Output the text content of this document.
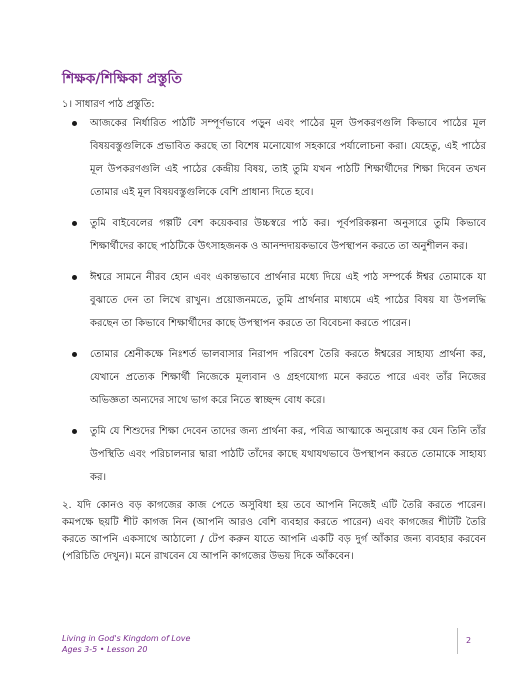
শিক্ষক/শিক্ষিকা প্রস্তুতি
১। সাধারণ পাঠ প্রস্তুতি:
আজকের নির্ধারিত পাঠটি সম্পূর্ণভাবে পড়ুন এবং পাঠের মূল উপকরণগুলি কিভাবে পাঠের মূল বিষয়বস্তুগুলিকে প্রভাবিত করছে তা বিশেষ মনোযোগ সহকারে পর্যালোচনা করা। যেহেতু, এই পাঠের মূল উপকরণগুলি এই পাঠের কেন্দ্রীয় বিষয়, তাই তুমি যখন পাঠটি শিক্ষার্থীদের শিক্ষা দিবেন তখন তোমার এই মূল বিষয়বস্তুগুলিকে বেশি প্রাধান্য দিতে হবে।
তুমি বাইবেলের গল্পটি বেশ কয়েকবার উচ্চস্বরে পাঠ কর। পূর্বপরিকল্পনা অনুসারে তুমি কিভাবে শিক্ষার্থীদের কাছে পাঠটিকে উৎসাহজনক ও আনন্দদায়কভাবে উপস্থাপন করতে তা অনুশীলন কর।
ঈশ্বরে সামনে নীরব হোন এবং একান্তভাবে প্রার্থনার মধ্যে দিয়ে এই পাঠ সম্পর্কে ঈশ্বর তোমাকে যা বুঝাতে দেন তা লিখে রাখুন। প্রয়োজনমতে, তুমি প্রার্থনার মাধ্যমে এই পাঠের বিষয় যা উপলদ্ধি করছেন তা কিভাবে শিক্ষার্থীদের কাছে উপস্থাপন করতে তা বিবেচনা করতে পারেন।
তোমার শ্রেনীকক্ষে নিঃশর্ত ভালবাসার নিরাপদ পরিবেশ তৈরি করতে ঈশ্বরের সাহায্য প্রার্থনা কর, যেখানে প্রত্যেক শিক্ষার্থী নিজেকে মূল্যবান ও গ্রহণযোগ্য মনে করতে পারে এবং তাঁর নিজের অভিজ্ঞতা অন্যদের সাথে ভাগ করে নিতে স্বাচ্ছন্দ বোধ করে।
তুমি যে শিশুদের শিক্ষা দেবেন তাদের জন্য প্রার্থনা কর, পবিত্র আত্মাকে অনুরোধ কর যেন তিনি তাঁর উপস্থিতি এবং পরিচালনার দ্বারা পাঠটি তাঁদের কাছে যথাযথভাবে উপস্থাপন করতে তোমাকে সাহায্য কর।
২. যদি কোনও বড় কাগজের কাজ পেতে অসুবিধা হয় তবে আপনি নিজেই এটি তৈরি করতে পারেন। কমপক্ষে ছয়টি শীট কাগজ নিন (আপনি আরও বেশি ব্যবহার করতে পারেন) এবং কাগজের শীটটি তৈরি করতে আপনি একসাথে আঠালো / টেপ করুন যাতে আপনি একটি বড় দুর্গ আঁকার জন্য ব্যবহার করবেন (পরিচিতি দেখুন)। মনে রাখবেন যে আপনি কাগজের উভয় দিকে আঁকবেন।
Living in God's Kingdom of Love
Ages 3-5 • Lesson 20
2
